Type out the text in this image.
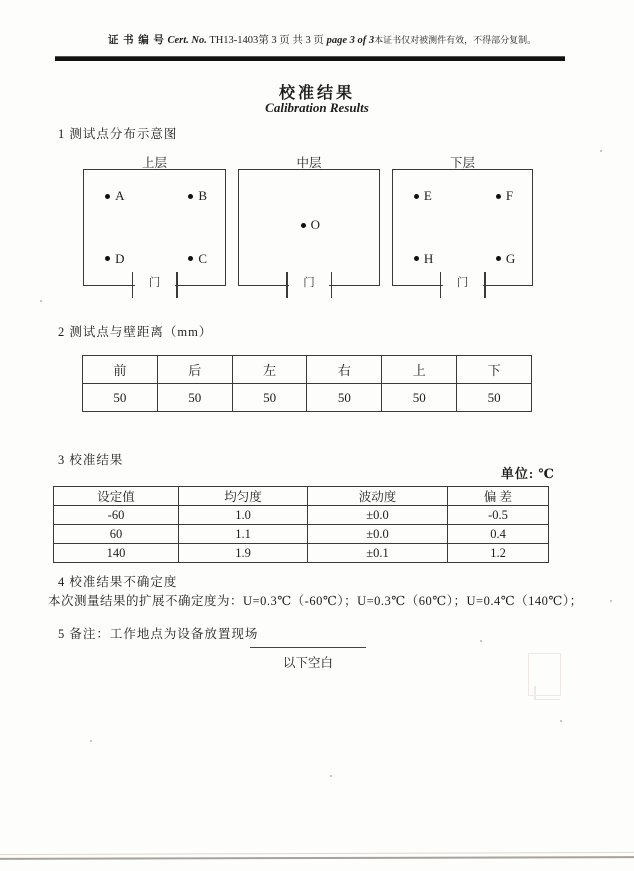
证 书 编 号 Cert. No. TH13-1403第 3 页 共 3 页 page 3 of 3本证书仅对被测件有效，不得部分复制。
校准结果
Calibration Results
1 测试点分布示意图
上层	中层	下层
A	B
D	C
门
O
门
E	F
H	G
门
2 测试点与壁距离（mm）
前	后	左	右	上	下
50	50	50	50	50	50
3 校准结果
单位: ℃
设定值	均匀度	波动度	偏 差
-60	1.0	±0.0	-0.5
60	1.1	±0.0	0.4
140	1.9	±0.1	1.2
4 校准结果不确定度
本次测量结果的扩展不确定度为：U=0.3℃（-60℃）；U=0.3℃（60℃）；U=0.4℃（140℃）；
5 备注：工作地点为设备放置现场
以下空白
